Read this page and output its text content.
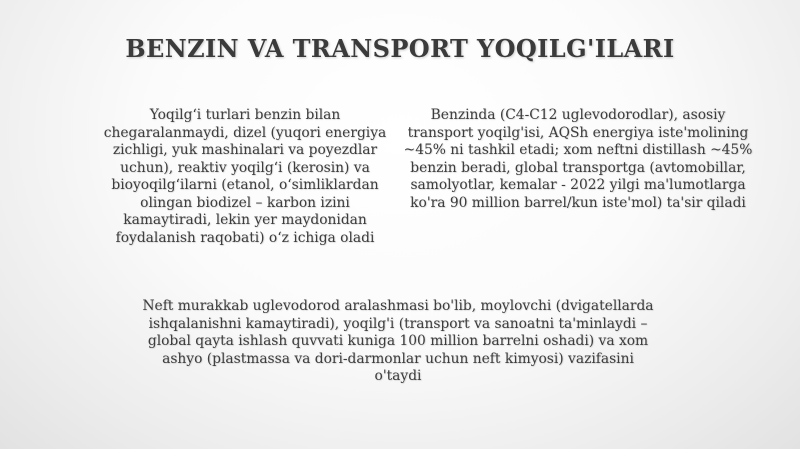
BENZIN VA TRANSPORT YOQILG'ILARI
Yoqilg‘i turlari benzin bilan chegaralanmaydi, dizel (yuqori energiya zichligi, yuk mashinalari va poyezdlar uchun), reaktiv yoqilg‘i (kerosin) va bioyoqilg‘ilarni (etanol, o‘simliklardan olingan biodizel – karbon izini kamaytiradi, lekin yer maydonidan foydalanish raqobati) o‘z ichiga oladi
Benzinda (C4-C12 uglevodorodlar), asosiy transport yoqilg'isi, AQSh energiya iste'molining ~45% ni tashkil etadi; xom neftni distillash ~45% benzin beradi, global transportga (avtomobillar, samolyotlar, kemalar - 2022 yilgi ma'lumotlarga ko'ra 90 million barrel/kun iste'mol) ta'sir qiladi
Neft murakkab uglevodorod aralashmasi bo'lib, moylovchi (dvigatellarda ishqalanishni kamaytiradi), yoqilg'i (transport va sanoatni ta'minlaydi – global qayta ishlash quvvati kuniga 100 million barrelni oshadi) va xom ashyo (plastmassa va dori-darmonlar uchun neft kimyosi) vazifasini o'taydi
